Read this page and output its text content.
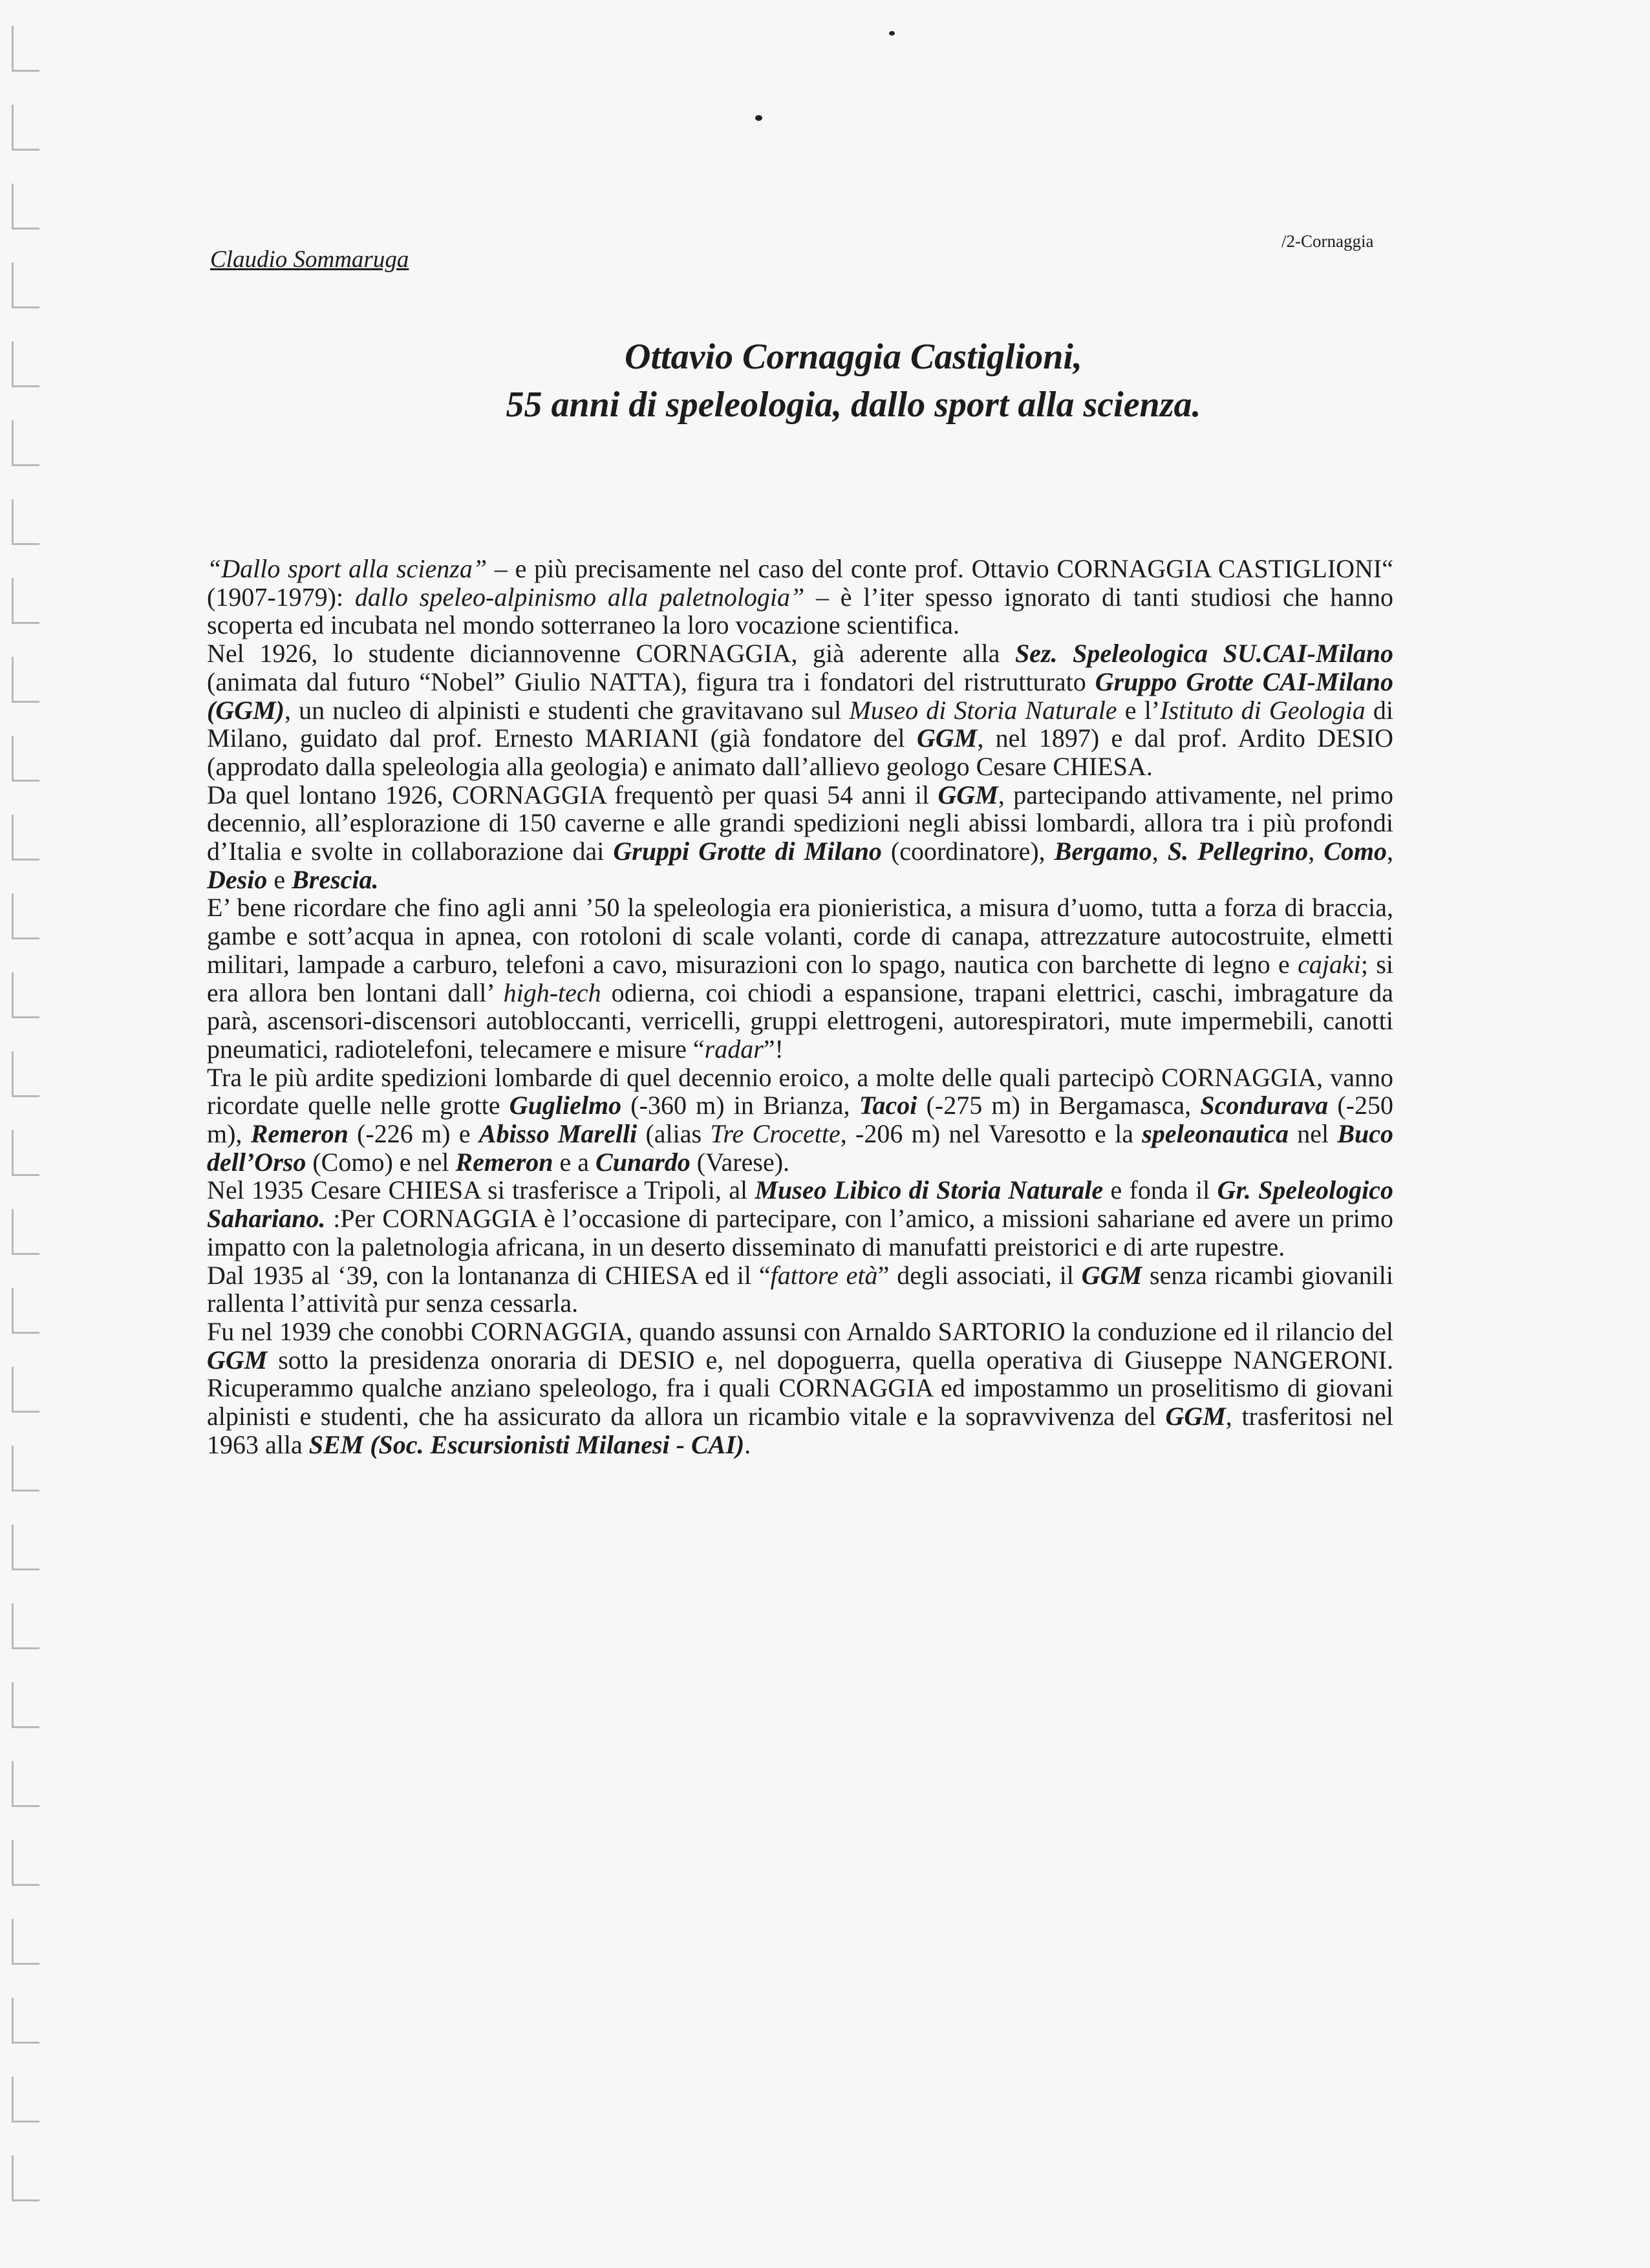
Claudio Sommaruga
/2-Cornaggia
Ottavio Cornaggia Castiglioni,
55 anni di speleologia, dallo sport alla scienza.

“Dallo sport alla scienza” – e più precisamente nel caso del conte prof. Ottavio CORNAGGIA CASTIGLIONI“ (1907-1979): dallo speleo-alpinismo alla paletnologia” – è l’iter spesso ignorato di tanti studiosi che hanno scoperta ed incubata nel mondo sotterraneo la loro vocazione scientifica.

Nel 1926, lo studente diciannovenne CORNAGGIA, già aderente alla Sez. Speleologica SU.CAI-Milano (animata dal futuro “Nobel” Giulio NATTA), figura tra i fondatori del ristrutturato Gruppo Grotte CAI-Milano (GGM), un nucleo di alpinisti e studenti che gravitavano sul Museo di Storia Naturale e l’Istituto di Geologia di Milano, guidato dal prof. Ernesto MARIANI (già fondatore del GGM, nel 1897) e dal prof. Ardito DESIO (approdato dalla speleologia alla geologia) e animato dall’allievo geologo Cesare CHIESA.

Da quel lontano 1926, CORNAGGIA frequentò per quasi 54 anni il GGM, partecipando attivamente, nel primo decennio, all’esplorazione di 150 caverne e alle grandi spedizioni negli abissi lombardi, allora tra i più profondi d’Italia e svolte in collaborazione dai Gruppi Grotte di Milano (coordinatore), Bergamo, S. Pellegrino, Como, Desio e Brescia.

E’ bene ricordare che fino agli anni ’50 la speleologia era pionieristica, a misura d’uomo, tutta a forza di braccia, gambe e sott’acqua in apnea, con rotoloni di scale volanti, corde di canapa, attrezzature autocostruite, elmetti militari, lampade a carburo, telefoni a cavo, misurazioni con lo spago, nautica con barchette di legno e cajaki; si era allora ben lontani dall’ high-tech odierna, coi chiodi a espansione, trapani elettrici, caschi, imbragature da parà, ascensori-discensori autobloccanti, verricelli, gruppi elettrogeni, autorespiratori, mute impermebili, canotti pneumatici, radiotelefoni, telecamere e misure “radar”!

Tra le più ardite spedizioni lombarde di quel decennio eroico, a molte delle quali partecipò CORNAGGIA, vanno ricordate quelle nelle grotte Guglielmo (-360 m) in Brianza, Tacoi (-275 m) in Bergamasca, Scondurava (-250 m), Remeron (-226 m) e Abisso Marelli (alias Tre Crocette, -206 m) nel Varesotto e la speleonautica nel Buco dell’Orso (Como) e nel Remeron e a Cunardo (Varese).

Nel 1935 Cesare CHIESA si trasferisce a Tripoli, al Museo Libico di Storia Naturale e fonda il Gr. Speleologico Sahariano. :Per CORNAGGIA è l’occasione di partecipare, con l’amico, a missioni sahariane ed avere un primo impatto con la paletnologia africana, in un deserto disseminato di manufatti preistorici e di arte rupestre.

Dal 1935 al ‘39, con la lontananza di CHIESA ed il “fattore età” degli associati, il GGM senza ricambi giovanili rallenta l’attività pur senza cessarla.

Fu nel 1939 che conobbi CORNAGGIA, quando assunsi con Arnaldo SARTORIO la conduzione ed il rilancio del GGM sotto la presidenza onoraria di DESIO e, nel dopoguerra, quella operativa di Giuseppe NANGERONI. Ricuperammo qualche anziano speleologo, fra i quali CORNAGGIA ed impostammo un proselitismo di giovani alpinisti e studenti, che ha assicurato da allora un ricambio vitale e la sopravvivenza del GGM, trasferitosi nel 1963 alla SEM (Soc. Escursionisti Milanesi - CAI).
